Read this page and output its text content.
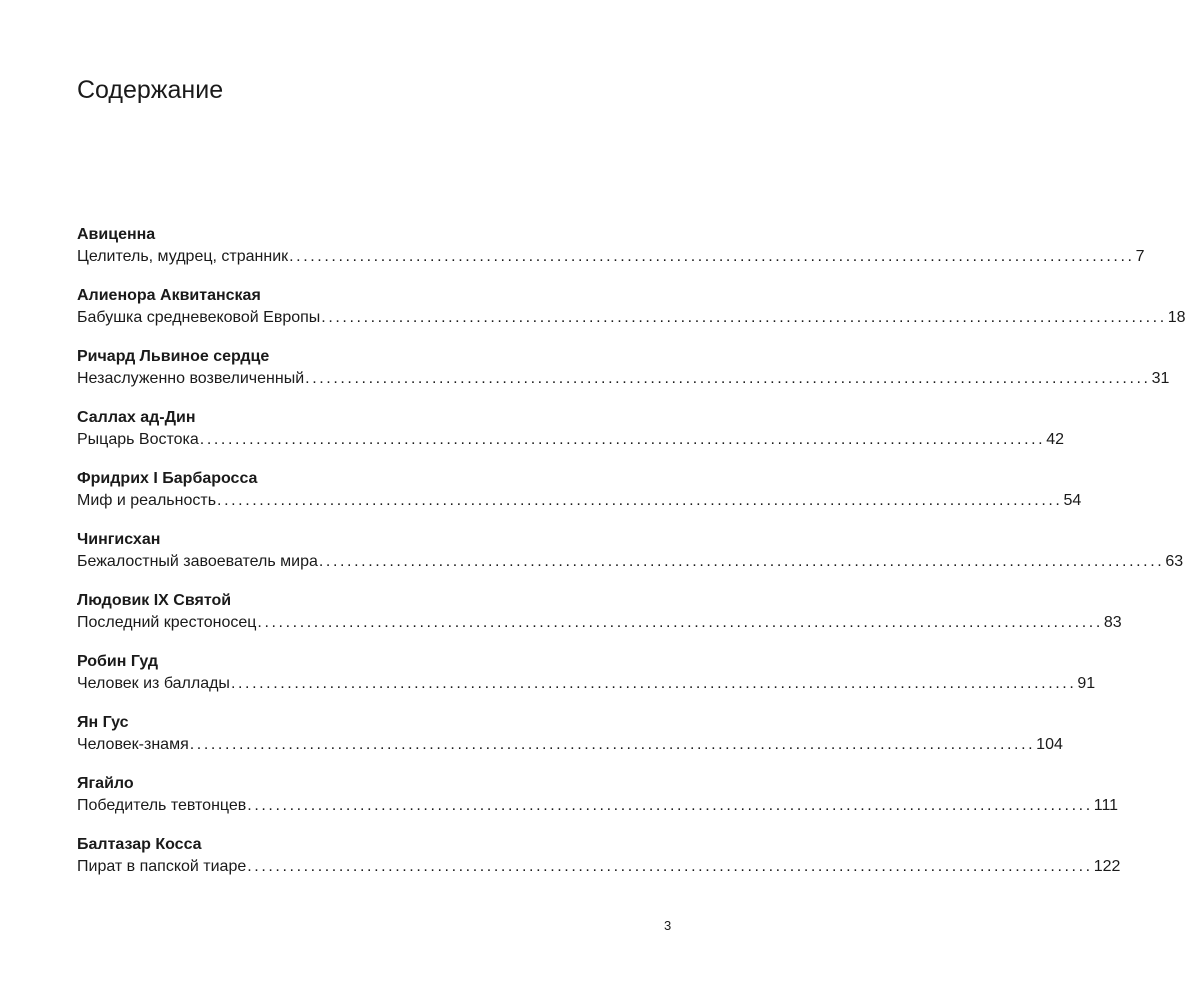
Содержание
Авиценна
Целитель, мудрец, странник ........................................................................................................................ 7
Алиенора Аквитанская
Бабушка средневековой Европы ........................................................................................................................ 18
Ричард Львиное сердце
Незаслуженно возвеличенный ........................................................................................................................ 31
Саллах ад-Дин
Рыцарь Востока ........................................................................................................................ 42
Фридрих I Барбаросса
Миф и реальность ........................................................................................................................ 54
Чингисхан
Бежалостный завоеватель мира ........................................................................................................................ 63
Людовик IX Святой
Последний крестоносец ........................................................................................................................ 83
Робин Гуд
Человек из баллады ........................................................................................................................ 91
Ян Гус
Человек-знамя ........................................................................................................................ 104
Ягайло
Победитель тевтонцев ........................................................................................................................ 111
Балтазар Косса
Пират в папской тиаре ........................................................................................................................ 122
3
